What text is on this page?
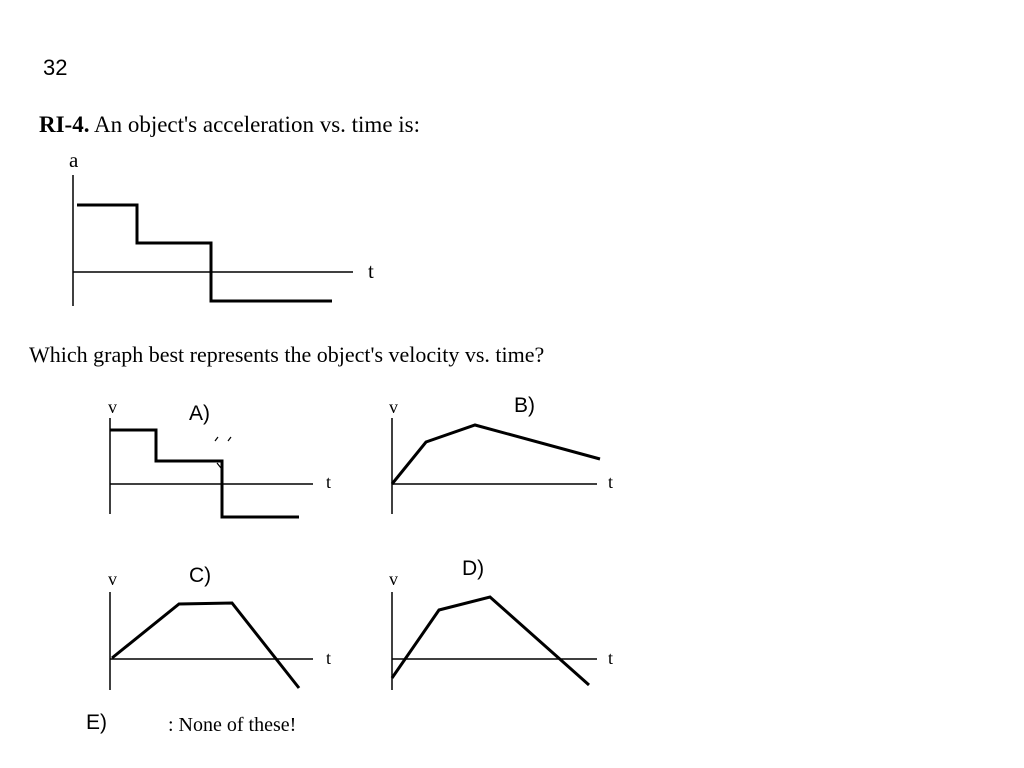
32
RI-4. An object's acceleration vs. time is:
a
t
Which graph best represents the object's velocity vs. time?
A)
v
t
B)
v
t
C)
v
t
D)
v
t
E)	: None of these!
